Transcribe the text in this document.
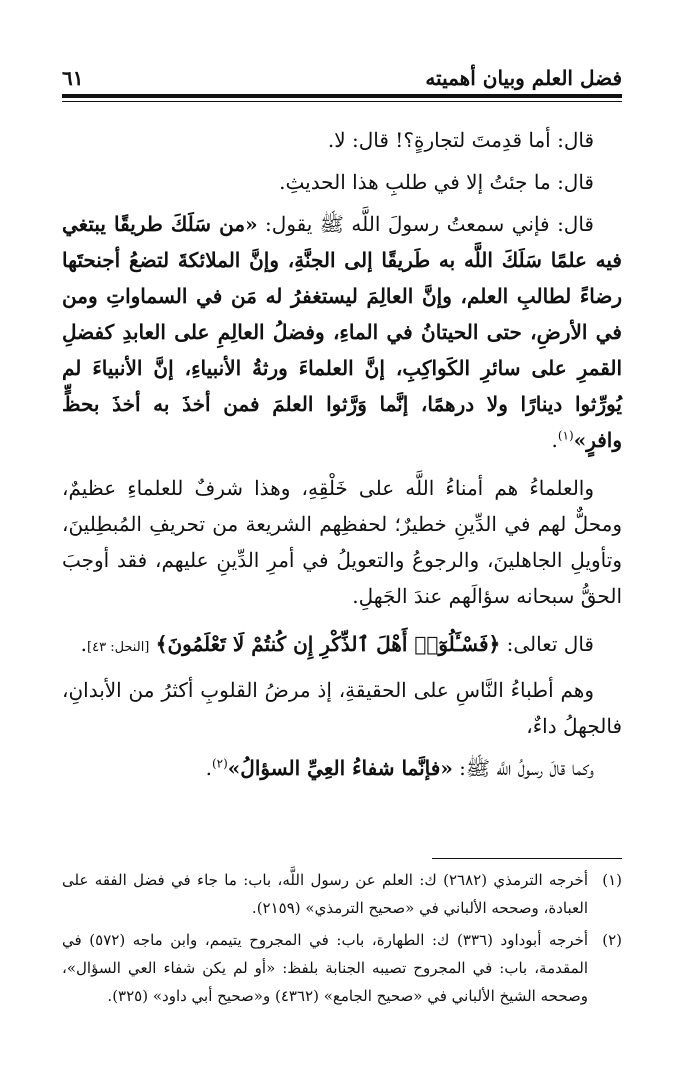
فضل العلم وبيان أهميته
٦١

قال: أما قدِمتَ لتجارةٍ؟! قال: لا.

قال: ما جئتُ إلا في طلبِ هذا الحديثِ.

قال: فإني سمعتُ رسولَ اللَّه ﷺ يقول: «من سَلَكَ طريقًا يبتغي فيه علمًا سَلَكَ اللَّه به طَريقًا إلى الجنَّةِ، وإنَّ الملائكةَ لتضعُ أجنحتَها رضاءً لطالبِ العلم، وإنَّ العالِمَ ليستغفرُ له مَن في السماواتِ ومن في الأرضِ، حتى الحيتانُ في الماءِ، وفضلُ العالِمِ على العابدِ كفضلِ القمرِ على سائرِ الكَواكِبِ، إنَّ العلماءَ ورثةُ الأنبياءِ، إنَّ الأنبياءَ لم يُورِّثوا دينارًا ولا درهمًا، إنَّما وَرَّثوا العلمَ فمن أخذَ به أخذَ بحظٍّ وافرٍ»$^{(١)}$.

والعلماءُ هم أمناءُ اللَّه على خَلْقِهِ، وهذا شرفٌ للعلماءِ عظيمٌ، ومحلٌّ لهم في الدِّينِ خطيرٌ؛ لحفظِهم الشريعة من تحريفِ المُبطِلينَ، وتأويلِ الجاهلينَ، والرجوعُ والتعويلُ في أمرِ الدِّينِ عليهم، فقد أوجبَ الحقُّ سبحانه سؤالَهم عندَ الجَهلِ.

قال تعالى: ﴿فَسْـَٔلُوٓا۟ أَهْلَ ٱلذِّكْرِ إِن كُنتُمْ لَا تَعْلَمُونَ﴾ [النحل: ٤٣].

وهم أطباءُ النَّاسِ على الحقيقةِ، إذ مرضُ القلوبِ أكثرُ من الأبدانِ، فالجهلُ داءٌ،

وكما قالَ رسولُ اللَّه ﷺ: «فإنَّما شفاءُ العِيِّ السؤالُ»$^{(٢)}$.

(١)
أخرجه الترمذي (٢٦٨٢) ك: العلم عن رسول اللَّه، باب: ما جاء في فضل الفقه على العبادة، وصححه الألباني في «صحيح الترمذي» (٢١٥٩).
(٢)
أخرجه أبوداود (٣٣٦) ك: الطهارة، باب: في المجروح يتيمم، وابن ماجه (٥٧٢) في المقدمة، باب: في المجروح تصيبه الجنابة بلفظ: «أو لم يكن شفاء العي السؤال»، وصححه الشيخ الألباني في «صحيح الجامع» (٤٣٦٢) و«صحيح أبي داود» (٣٢٥).
